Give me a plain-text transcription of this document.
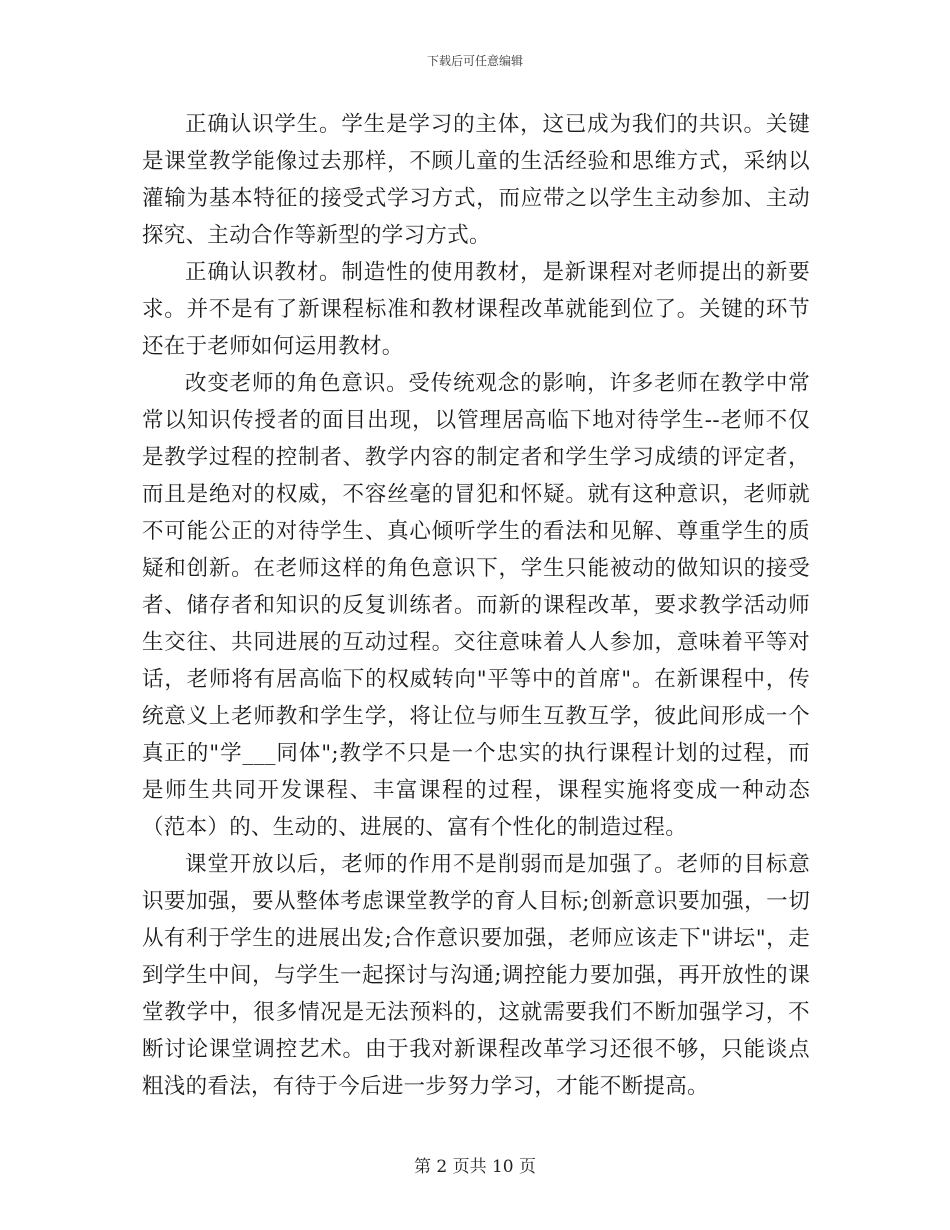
下载后可任意编辑

正确认识学生。学生是学习的主体，这已成为我们的共识。关键是课堂教学能像过去那样，不顾儿童的生活经验和思维方式，采纳以灌输为基本特征的接受式学习方式，而应带之以学生主动参加、主动探究、主动合作等新型的学习方式。

正确认识教材。制造性的使用教材，是新课程对老师提出的新要求。并不是有了新课程标准和教材课程改革就能到位了。关键的环节还在于老师如何运用教材。

改变老师的角色意识。受传统观念的影响，许多老师在教学中常常以知识传授者的面目出现，以管理居高临下地对待学生--老师不仅是教学过程的控制者、教学内容的制定者和学生学习成绩的评定者，而且是绝对的权威，不容丝毫的冒犯和怀疑。就有这种意识，老师就不可能公正的对待学生、真心倾听学生的看法和见解、尊重学生的质疑和创新。在老师这样的角色意识下，学生只能被动的做知识的接受者、储存者和知识的反复训练者。而新的课程改革，要求教学活动师生交往、共同进展的互动过程。交往意味着人人参加，意味着平等对话，老师将有居高临下的权威转向"平等中的首席"。在新课程中，传统意义上老师教和学生学，将让位与师生互教互学，彼此间形成一个真正的"学___同体";教学不只是一个忠实的执行课程计划的过程，而是师生共同开发课程、丰富课程的过程，课程实施将变成一种动态（范本）的、生动的、进展的、富有个性化的制造过程。

课堂开放以后，老师的作用不是削弱而是加强了。老师的目标意识要加强，要从整体考虑课堂教学的育人目标;创新意识要加强，一切从有利于学生的进展出发;合作意识要加强，老师应该走下"讲坛"，走到学生中间，与学生一起探讨与沟通;调控能力要加强，再开放性的课堂教学中，很多情况是无法预料的，这就需要我们不断加强学习，不断讨论课堂调控艺术。由于我对新课程改革学习还很不够，只能谈点粗浅的看法，有待于今后进一步努力学习，才能不断提高。

第 2 页共 10 页
